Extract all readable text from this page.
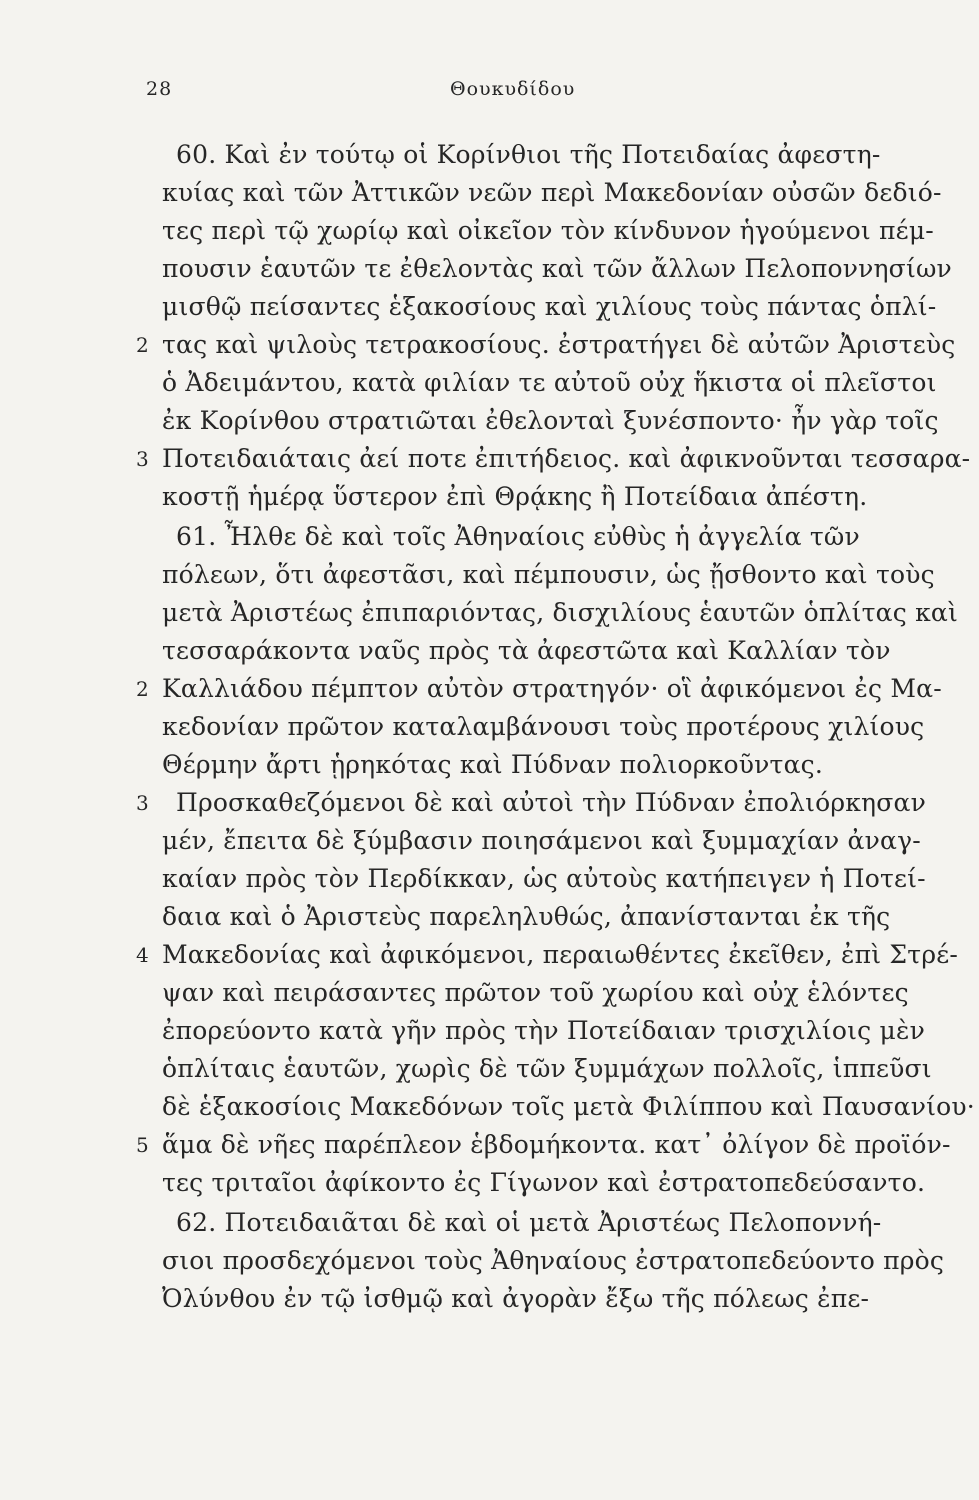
28	Θουκυδίδου
60. Καὶ ἐν τούτῳ οἱ Κορίνθιοι τῆς Ποτειδαίας ἀφεστη-
κυίας καὶ τῶν Ἀττικῶν νεῶν περὶ Μακεδονίαν οὐσῶν δεδιό-
τες περὶ τῷ χωρίῳ καὶ οἰκεῖον τὸν κίνδυνον ἡγούμενοι πέμ-
πουσιν ἑαυτῶν τε ἐθελοντὰς καὶ τῶν ἄλλων Πελοποννησίων
μισθῷ πείσαντες ἑξακοσίους καὶ χιλίους τοὺς πάντας ὁπλί-
τας καὶ ψιλοὺς τετρακοσίους. ἐστρατήγει δὲ αὐτῶν Ἀριστεὺς
ὁ Ἀδειμάντου, κατὰ φιλίαν τε αὐτοῦ οὐχ ἥκιστα οἱ πλεῖστοι
ἐκ Κορίνθου στρατιῶται ἐθελονταὶ ξυνέσποντο· ἦν γὰρ τοῖς
Ποτειδαιάταις ἀεί ποτε ἐπιτήδειος. καὶ ἀφικνοῦνται τεσσαρα-
κοστῇ ἡμέρᾳ ὕστερον ἐπὶ Θρᾴκης ἢ Ποτείδαια ἀπέστη.
61. Ἦλθε δὲ καὶ τοῖς Ἀθηναίοις εὐθὺς ἡ ἀγγελία τῶν
πόλεων, ὅτι ἀφεστᾶσι, καὶ πέμπουσιν, ὡς ᾔσθοντο καὶ τοὺς
μετὰ Ἀριστέως ἐπιπαριόντας, δισχιλίους ἑαυτῶν ὁπλίτας καὶ
τεσσαράκοντα ναῦς πρὸς τὰ ἀφεστῶτα καὶ Καλλίαν τὸν
Καλλιάδου πέμπτον αὐτὸν στρατηγόν· οἳ ἀφικόμενοι ἐς Μα-
κεδονίαν πρῶτον καταλαμβάνουσι τοὺς προτέρους χιλίους
Θέρμην ἄρτι ᾑρηκότας καὶ Πύδναν πολιορκοῦντας.
Προσκαθεζόμενοι δὲ καὶ αὐτοὶ τὴν Πύδναν ἐπολιόρκησαν
μέν, ἔπειτα δὲ ξύμβασιν ποιησάμενοι καὶ ξυμμαχίαν ἀναγ-
καίαν πρὸς τὸν Περδίκκαν, ὡς αὐτοὺς κατήπειγεν ἡ Ποτεί-
δαια καὶ ὁ Ἀριστεὺς παρεληλυθώς, ἀπανίστανται ἐκ τῆς
Μακεδονίας καὶ ἀφικόμενοι, περαιωθέντες ἐκεῖθεν, ἐπὶ Στρέ-
ψαν καὶ πειράσαντες πρῶτον τοῦ χωρίου καὶ οὐχ ἑλόντες
ἐπορεύοντο κατὰ γῆν πρὸς τὴν Ποτείδαιαν τρισχιλίοις μὲν
ὁπλίταις ἑαυτῶν, χωρὶς δὲ τῶν ξυμμάχων πολλοῖς, ἱππεῦσι
δὲ ἑξακοσίοις Μακεδόνων τοῖς μετὰ Φιλίππου καὶ Παυσανίου·
ἅμα δὲ νῆες παρέπλεον ἑβδομήκοντα. κατ᾽ ὀλίγον δὲ προϊόν-
τες τριταῖοι ἀφίκοντο ἐς Γίγωνον καὶ ἐστρατοπεδεύσαντο.
62. Ποτειδαιᾶται δὲ καὶ οἱ μετὰ Ἀριστέως Πελοποννή-
σιοι προσδεχόμενοι τοὺς Ἀθηναίους ἐστρατοπεδεύοντο πρὸς
Ὀλύνθου ἐν τῷ ἰσθμῷ καὶ ἀγορὰν ἔξω τῆς πόλεως ἐπε-
2
3
2
3
4
5
